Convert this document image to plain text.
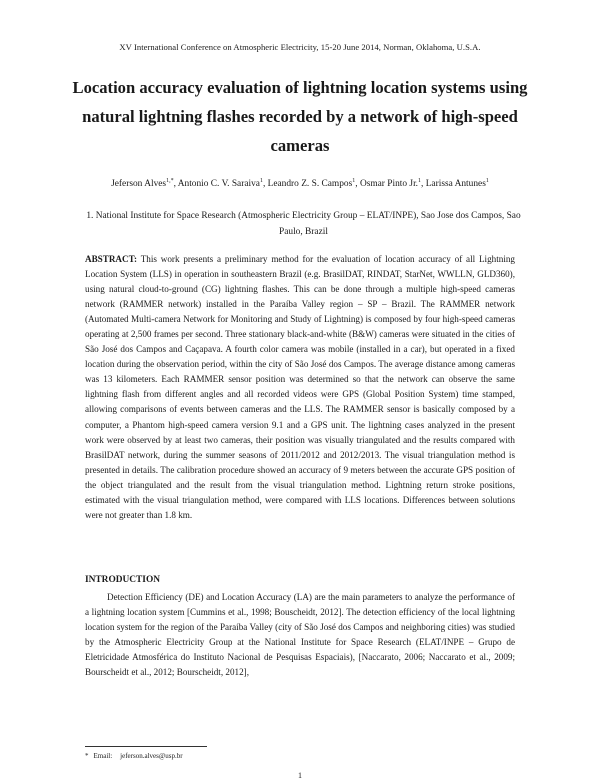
XV International Conference on Atmospheric Electricity, 15-20 June 2014, Norman, Oklahoma, U.S.A.
Location accuracy evaluation of lightning location systems using natural lightning flashes recorded by a network of high-speed cameras
Jeferson Alves$^{1,*}$, Antonio C. V. Saraiva$^1$, Leandro Z. S. Campos$^1$, Osmar Pinto Jr.$^1$, Larissa Antunes$^1$
1. National Institute for Space Research (Atmospheric Electricity Group – ELAT/INPE), Sao Jose dos Campos, Sao Paulo, Brazil

ABSTRACT: This work presents a preliminary method for the evaluation of location accuracy of all Lightning Location System (LLS) in operation in southeastern Brazil (e.g. BrasilDAT, RINDAT, StarNet, WWLLN, GLD360), using natural cloud-to-ground (CG) lightning flashes. This can be done through a multiple high-speed cameras network (RAMMER network) installed in the Paraíba Valley region – SP – Brazil. The RAMMER network (Automated Multi-camera Network for Monitoring and Study of Lightning) is composed by four high-speed cameras operating at 2,500 frames per second. Three stationary black-and-white (B&W) cameras were situated in the cities of São José dos Campos and Caçapava. A fourth color camera was mobile (installed in a car), but operated in a fixed location during the observation period, within the city of São José dos Campos. The average distance among cameras was 13 kilometers. Each RAMMER sensor position was determined so that the network can observe the same lightning flash from different angles and all recorded videos were GPS (Global Position System) time stamped, allowing comparisons of events between cameras and the LLS. The RAMMER sensor is basically composed by a computer, a Phantom high-speed camera version 9.1 and a GPS unit. The lightning cases analyzed in the present work were observed by at least two cameras, their position was visually triangulated and the results compared with BrasilDAT network, during the summer seasons of 2011/2012 and 2012/2013. The visual triangulation method is presented in details. The calibration procedure showed an accuracy of 9 meters between the accurate GPS position of the object triangulated and the result from the visual triangulation method. Lightning return stroke positions, estimated with the visual triangulation method, were compared with LLS locations. Differences between solutions were not greater than 1.8 km.

INTRODUCTION

Detection Efficiency (DE) and Location Accuracy (LA) are the main parameters to analyze the performance of a lightning location system [Cummins et al., 1998; Bouscheidt, 2012]. The detection efficiency of the local lightning location system for the region of the Paraíba Valley (city of São José dos Campos and neighboring cities) was studied by the Atmospheric Electricity Group at the National Institute for Space Research (ELAT/INPE – Grupo de Eletricidade Atmosférica do Instituto Nacional de Pesquisas Espaciais), [Naccarato, 2006; Naccarato et al., 2009; Bourscheidt et al., 2012; Bourscheidt, 2012],

* Email: jeferson.alves@usp.br
1
